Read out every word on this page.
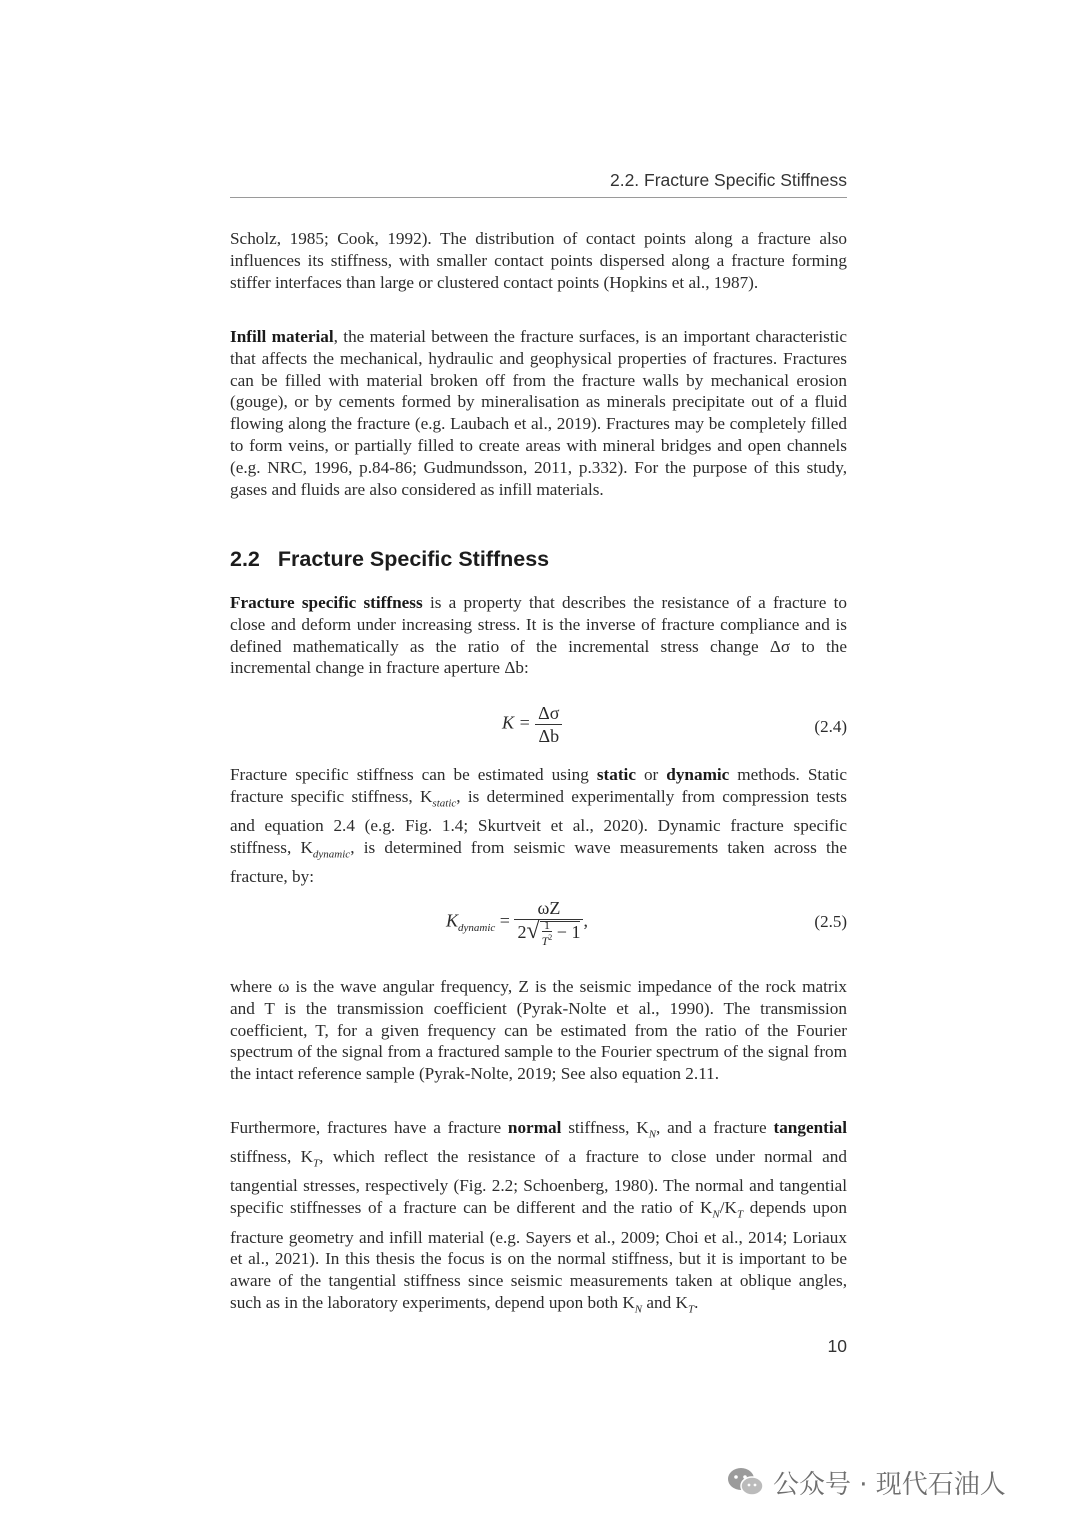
2.2. Fracture Specific Stiffness

Scholz, 1985; Cook, 1992). The distribution of contact points along a fracture also influences its stiffness, with smaller contact points dispersed along a fracture forming stiffer interfaces than large or clustered contact points (Hopkins et al., 1987).

Infill material, the material between the fracture surfaces, is an important characteristic that affects the mechanical, hydraulic and geophysical properties of fractures. Fractures can be filled with material broken off from the fracture walls by mechanical erosion (gouge), or by cements formed by mineralisation as minerals precipitate out of a fluid flowing along the fracture (e.g. Laubach et al., 2019). Fractures may be completely filled to form veins, or partially filled to create areas with mineral bridges and open channels (e.g. NRC, 1996, p.84-86; Gudmundsson, 2011, p.332). For the purpose of this study, gases and fluids are also considered as infill materials.

2.2 Fracture Specific Stiffness

Fracture specific stiffness is a property that describes the resistance of a fracture to close and deform under increasing stress. It is the inverse of fracture compliance and is defined mathematically as the ratio of the incremental stress change Δσ to the incremental change in fracture aperture Δb:

$K = \frac{\Delta\sigma}{\Delta b}$	(2.4)

Fracture specific stiffness can be estimated using static or dynamic methods. Static fracture specific stiffness, $K_{static}$, is determined experimentally from compression tests and equation 2.4 (e.g. Fig. 1.4; Skurtveit et al., 2020). Dynamic fracture specific stiffness, $K_{dynamic}$, is determined from seismic wave measurements taken across the fracture, by:

$K_{dynamic} = \omega Z$
2√ 1
$T^2 - 1$ ,	(2.5)

where ω is the wave angular frequency, Z is the seismic impedance of the rock matrix and T is the transmission coefficient (Pyrak-Nolte et al., 1990). The transmission coefficient, T, for a given frequency can be estimated from the ratio of the Fourier spectrum of the signal from a fractured sample to the Fourier spectrum of the signal from the intact reference sample (Pyrak-Nolte, 2019; See also equation 2.11.

Furthermore, fractures have a fracture normal stiffness, $K_N$, and a fracture tangential stiffness, $K_T$, which reflect the resistance of a fracture to close under normal and tangential stresses, respectively (Fig. 2.2; Schoenberg, 1980). The normal and tangential specific stiffnesses of a fracture can be different and the ratio of $K_N/K_T$ depends upon fracture geometry and infill material (e.g. Sayers et al., 2009; Choi et al., 2014; Loriaux et al., 2021). In this thesis the focus is on the normal stiffness, but it is important to be aware of the tangential stiffness since seismic measurements taken at oblique angles, such as in the laboratory experiments, depend upon both $K_N$ and $K_T$.

10
公众号 · 现代石油人
